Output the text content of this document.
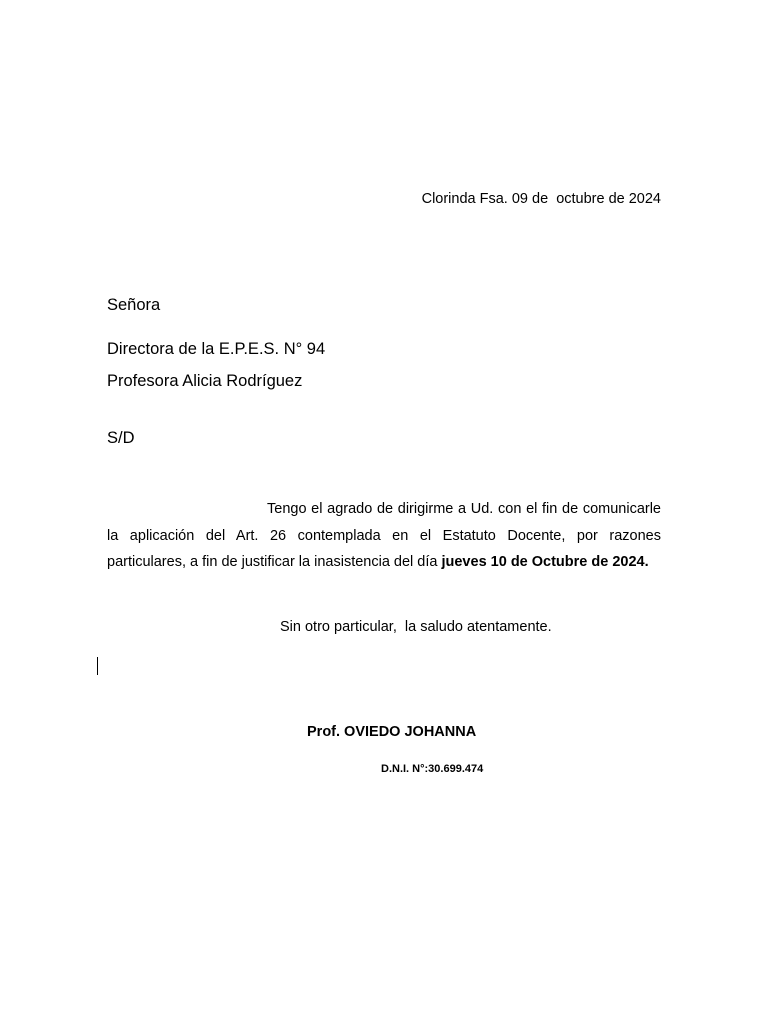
Clorinda Fsa. 09 de  octubre de 2024
Señora
Directora de la E.P.E.S. N° 94
Profesora Alicia Rodríguez
S/D
Tengo el agrado de dirigirme a Ud. con el fin de comunicarle la aplicación del Art. 26 contemplada en el Estatuto Docente, por razones particulares, a fin de justificar la inasistencia del día jueves 10 de Octubre de 2024.
Sin otro particular,  la saludo atentamente.
Prof. OVIEDO JOHANNA
D.N.I. N°:30.699.474
